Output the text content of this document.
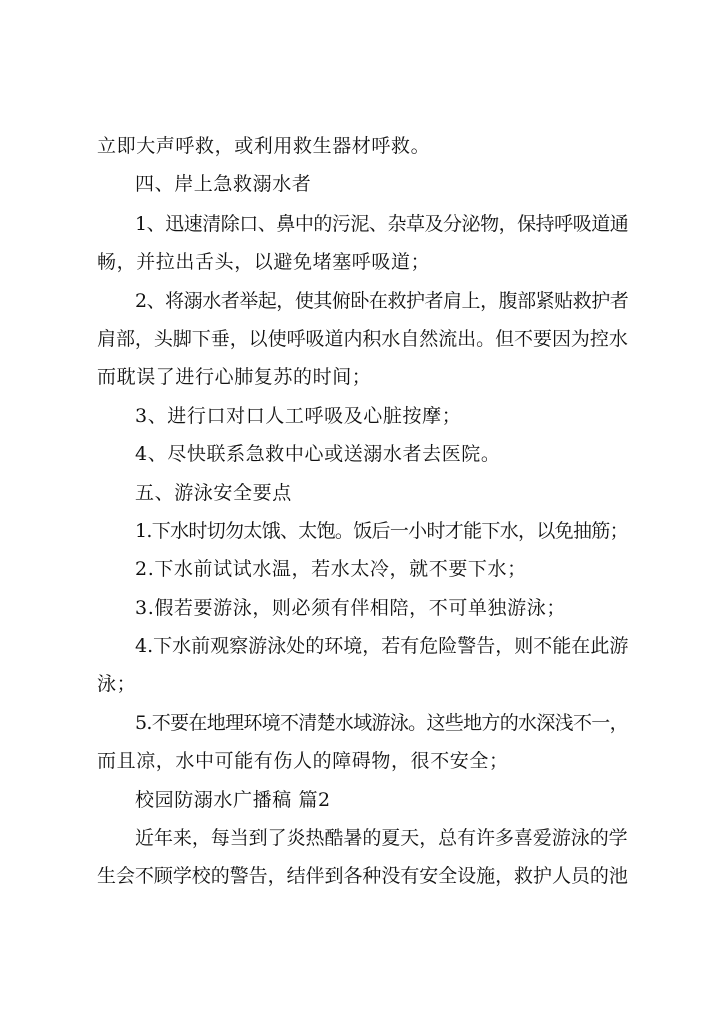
立即大声呼救，或利用救生器材呼救。
四、岸上急救溺水者
1、迅速清除口、鼻中的污泥、杂草及分泌物，保持呼吸道通
畅，并拉出舌头，以避免堵塞呼吸道；
2、将溺水者举起，使其俯卧在救护者肩上，腹部紧贴救护者
肩部，头脚下垂，以使呼吸道内积水自然流出。但不要因为控水
而耽误了进行心肺复苏的时间；
3、进行口对口人工呼吸及心脏按摩；
4、尽快联系急救中心或送溺水者去医院。
五、游泳安全要点
1.下水时切勿太饿、太饱。饭后一小时才能下水，以免抽筋；
2.下水前试试水温，若水太冷，就不要下水；
3.假若要游泳，则必须有伴相陪，不可单独游泳；
4.下水前观察游泳处的环境，若有危险警告，则不能在此游
泳；
5.不要在地理环境不清楚水域游泳。这些地方的水深浅不一，
而且凉，水中可能有伤人的障碍物，很不安全；
校园防溺水广播稿 篇2
近年来，每当到了炎热酷暑的夏天，总有许多喜爱游泳的学
生会不顾学校的警告，结伴到各种没有安全设施，救护人员的池
